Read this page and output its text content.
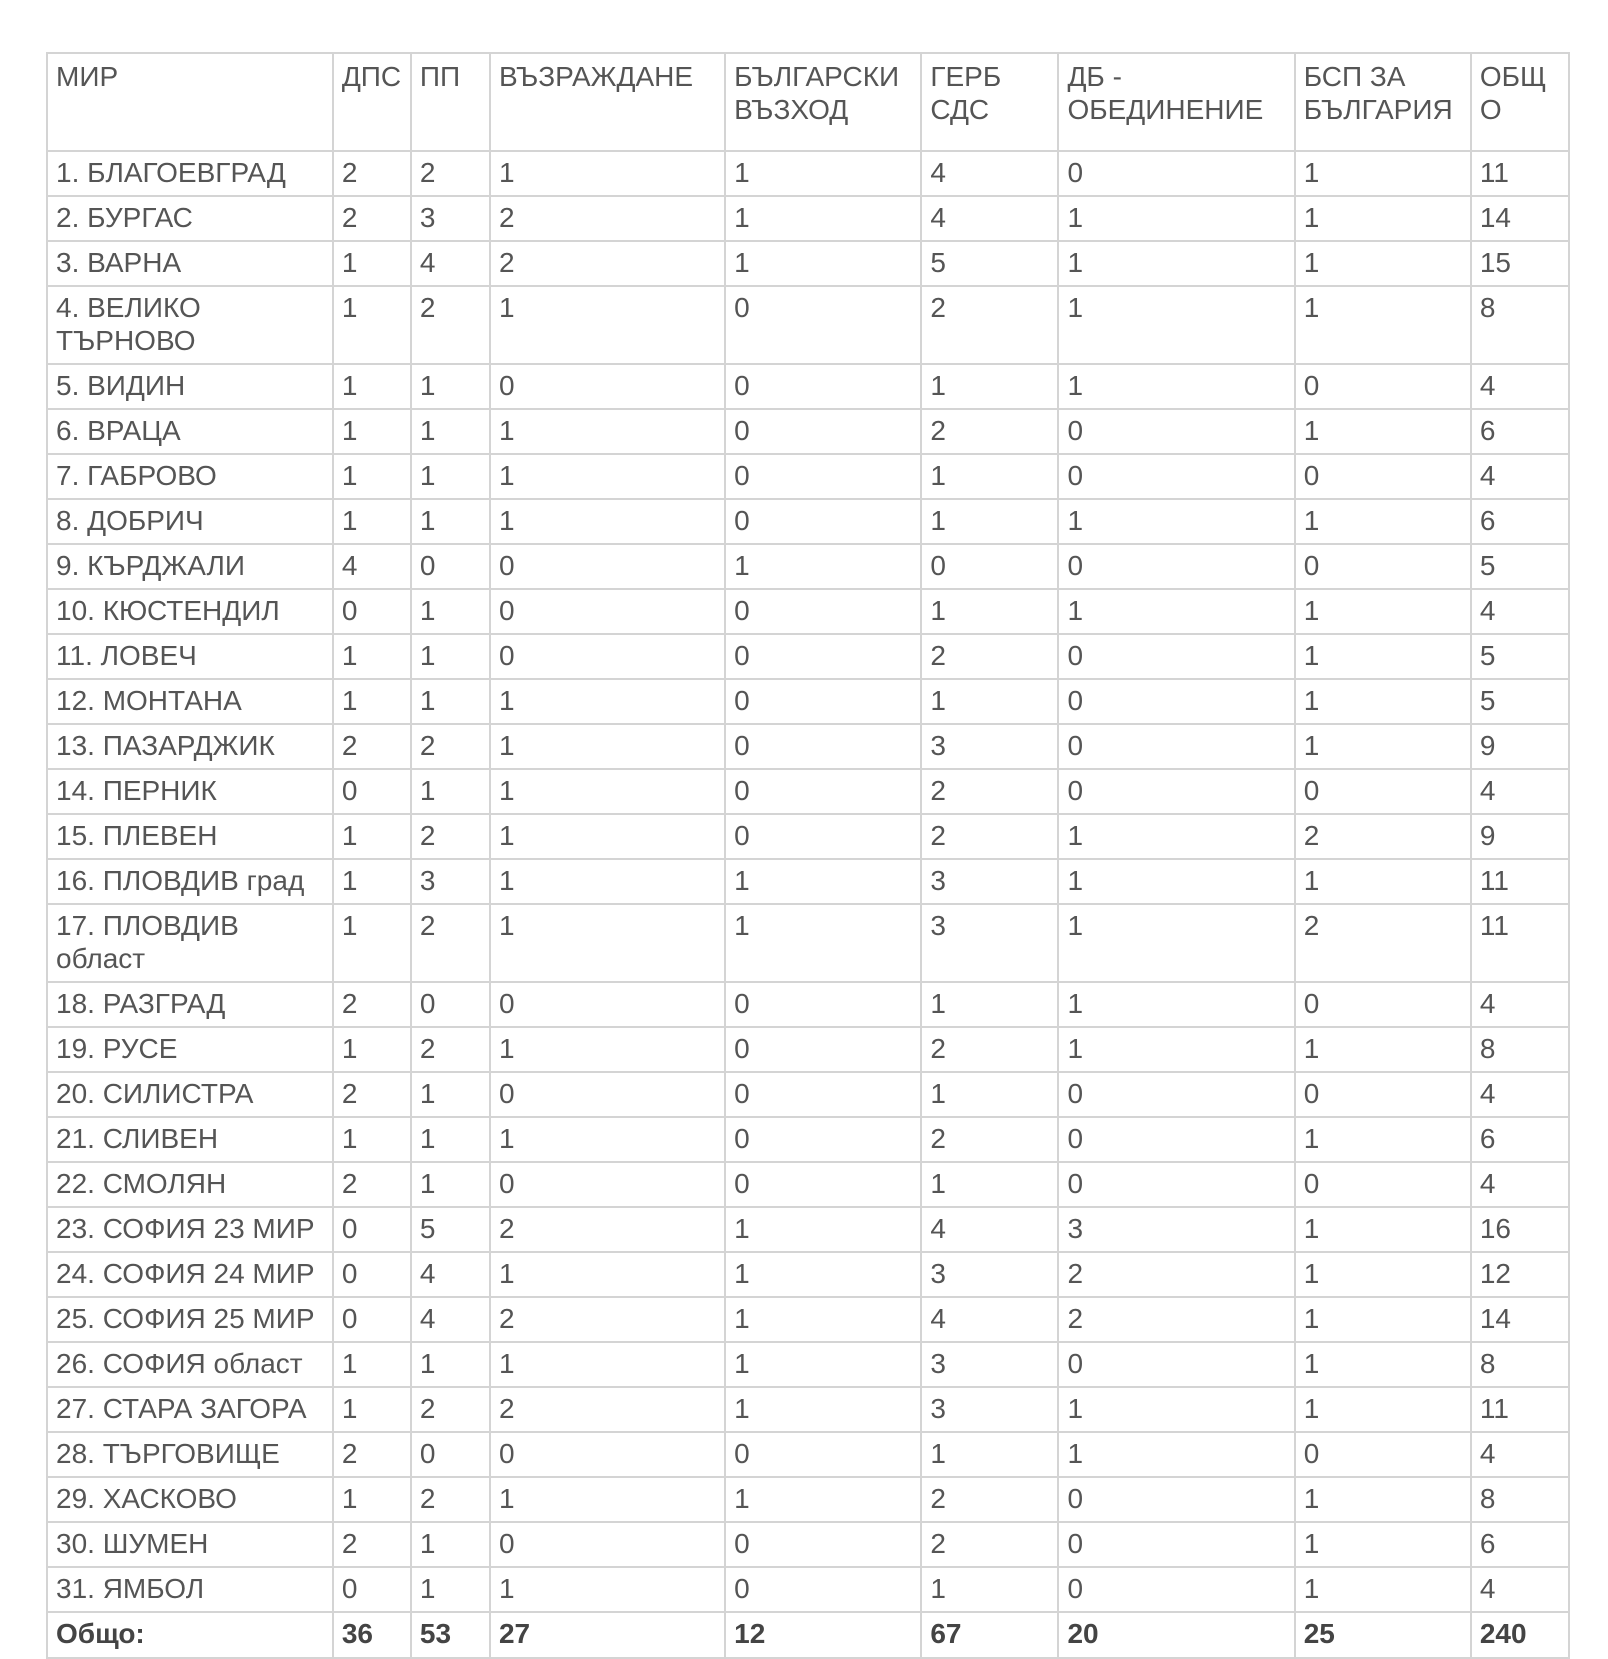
МИР	ДПС	ПП	ВЪЗРАЖДАНЕ	БЪЛГАРСКИ ВЪЗХОД	ГЕРБ СДС	ДБ - ОБЕДИНЕНИЕ	БСП ЗА БЪЛГАРИЯ	ОБЩО
1. БЛАГОЕВГРАД	2	2	1	1	4	0	1	11
2. БУРГАС	2	3	2	1	4	1	1	14
3. ВАРНА	1	4	2	1	5	1	1	15
4. ВЕЛИКО ТЪРНОВО	1	2	1	0	2	1	1	8
5. ВИДИН	1	1	0	0	1	1	0	4
6. ВРАЦА	1	1	1	0	2	0	1	6
7. ГАБРОВО	1	1	1	0	1	0	0	4
8. ДОБРИЧ	1	1	1	0	1	1	1	6
9. КЪРДЖАЛИ	4	0	0	1	0	0	0	5
10. КЮСТЕНДИЛ	0	1	0	0	1	1	1	4
11. ЛОВЕЧ	1	1	0	0	2	0	1	5
12. МОНТАНА	1	1	1	0	1	0	1	5
13. ПАЗАРДЖИК	2	2	1	0	3	0	1	9
14. ПЕРНИК	0	1	1	0	2	0	0	4
15. ПЛЕВЕН	1	2	1	0	2	1	2	9
16. ПЛОВДИВ град	1	3	1	1	3	1	1	11
17. ПЛОВДИВ област	1	2	1	1	3	1	2	11
18. РАЗГРАД	2	0	0	0	1	1	0	4
19. РУСЕ	1	2	1	0	2	1	1	8
20. СИЛИСТРА	2	1	0	0	1	0	0	4
21. СЛИВЕН	1	1	1	0	2	0	1	6
22. СМОЛЯН	2	1	0	0	1	0	0	4
23. СОФИЯ 23 МИР	0	5	2	1	4	3	1	16
24. СОФИЯ 24 МИР	0	4	1	1	3	2	1	12
25. СОФИЯ 25 МИР	0	4	2	1	4	2	1	14
26. СОФИЯ област	1	1	1	1	3	0	1	8
27. СТАРА ЗАГОРА	1	2	2	1	3	1	1	11
28. ТЪРГОВИЩЕ	2	0	0	0	1	1	0	4
29. ХАСКОВО	1	2	1	1	2	0	1	8
30. ШУМЕН	2	1	0	0	2	0	1	6
31. ЯМБОЛ	0	1	1	0	1	0	1	4
Общо:	36	53	27	12	67	20	25	240
